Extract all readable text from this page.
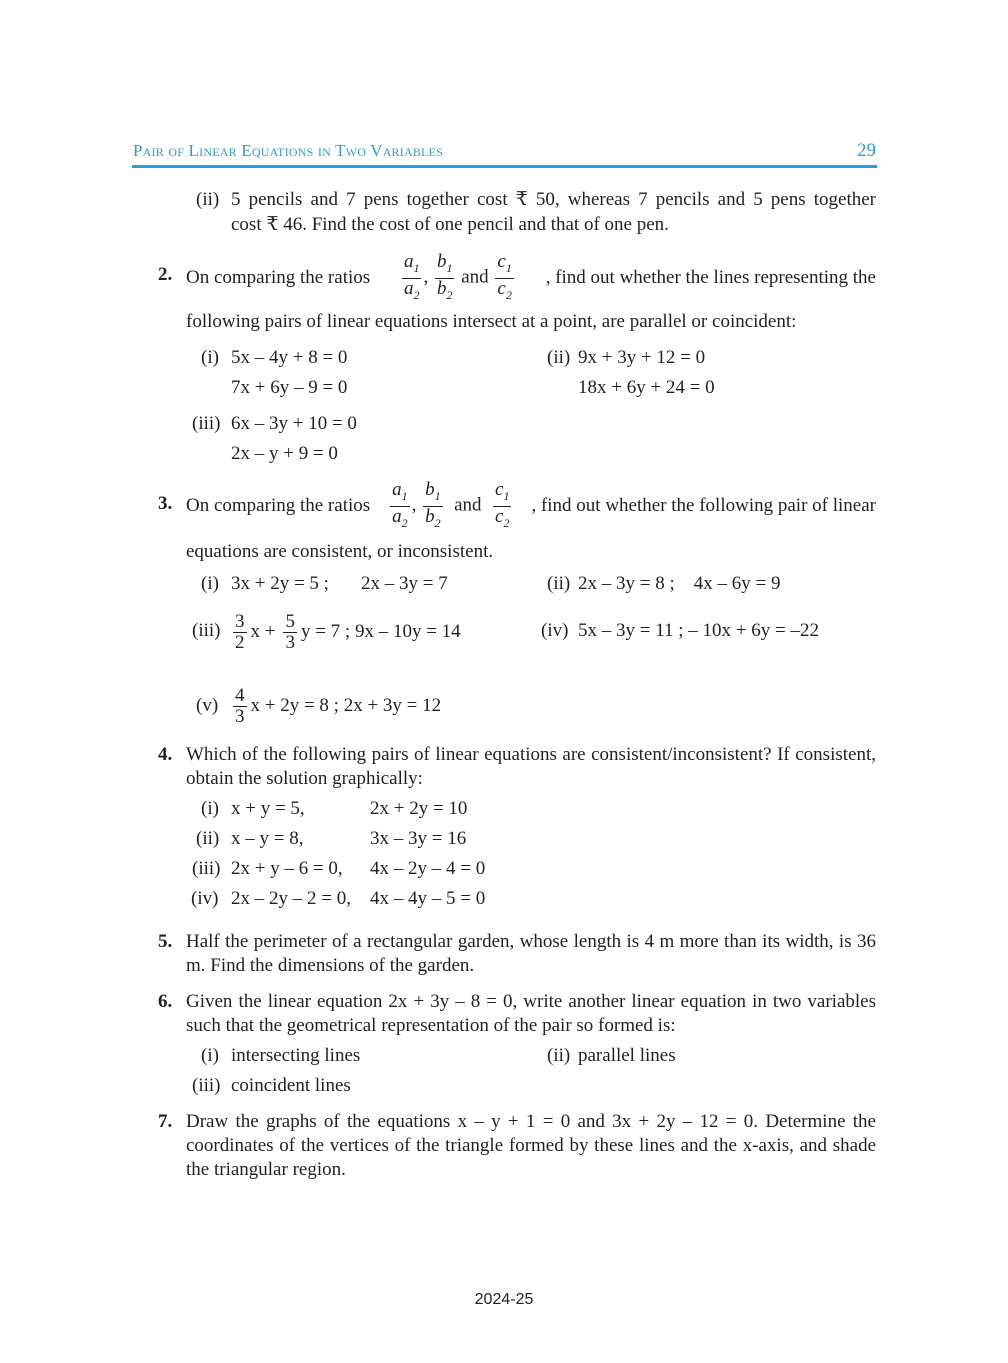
Pair of Linear Equations in Two Variables	29
(ii) 5 pencils and 7 pens together cost ₹ 50, whereas 7 pencils and 5 pens together
cost ₹ 46. Find the cost of one pencil and that of one pen.
2. On comparing the ratios $\frac{a_1}{a_2}$ , $\frac{b_1}{b_2}$ and $\frac{c_1}{c_2}$ , find out whether the lines representing the
following pairs of linear equations intersect at a point, are parallel or coincident:
(i) 5x – 4y + 8 = 0
7x + 6y – 9 = 0
(ii) 9x + 3y + 12 = 0
18x + 6y + 24 = 0
(iii) 6x – 3y + 10 = 0
2x – y + 9 = 0
3. On comparing the ratios $\frac{a_1}{a_2}$ , $\frac{b_1}{b_2}$ and $\frac{c_1}{c_2}$ , find out whether the following pair of linear
equations are consistent, or inconsistent.
(i) 3x + 2y = 5 ; 2x – 3y = 7	(ii) 2x – 3y = 8 ;    4x – 6y = 9
$(iii) \frac{3}{2}$ $x + \frac{5}{3}$ y = 7 ; 9x – 10y = 14	(iv) 5x – 3y = 11 ; – 10x + 6y = –22
$(v) \frac{4}{3}$ x + 2y = 8 ; 2x + 3y = 12
4. Which of the following pairs of linear equations are consistent/inconsistent? If consistent, obtain the solution graphically:
(i) x + y = 5,	2x + 2y = 10
(ii) x – y = 8,	3x – 3y = 16
(iii) 2x + y – 6 = 0, 4x – 2y – 4 = 0
(iv) 2x – 2y – 2 = 0, 4x – 4y – 5 = 0
5. Half the perimeter of a rectangular garden, whose length is 4 m more than its width, is 36 m. Find the dimensions of the garden.
6. Given the linear equation 2x + 3y – 8 = 0, write another linear equation in two variables such that the geometrical representation of the pair so formed is:
(i) intersecting lines	(ii) parallel lines
(iii) coincident lines
7. Draw the graphs of the equations x – y + 1 = 0 and 3x + 2y – 12 = 0. Determine the coordinates of the vertices of the triangle formed by these lines and the x-axis, and shade the triangular region.
2024-25
